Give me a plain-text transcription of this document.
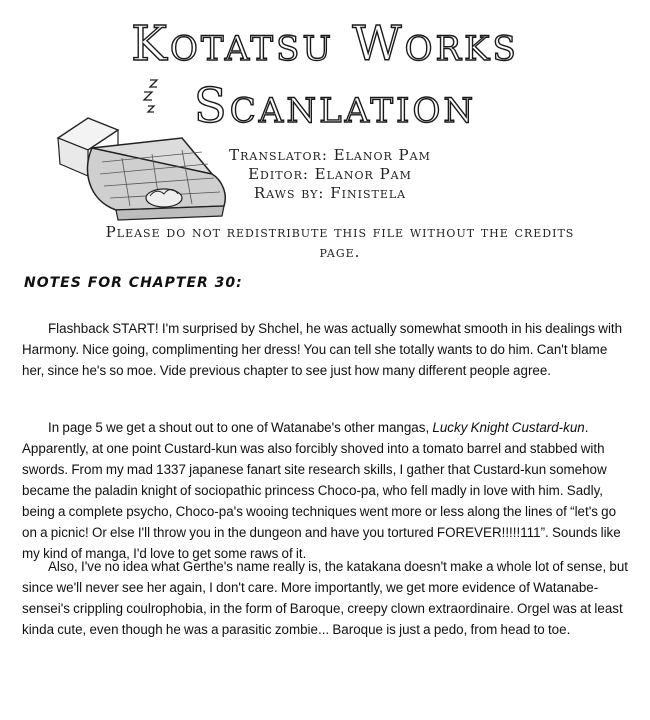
Kotatsu Works
Scanlation
Translator: Elanor Pam
Editor: Elanor Pam
Raws by: Finistela
Please do not redistribute this file without the credits page.
NOTES FOR CHAPTER 30:

Flashback START! I'm surprised by Shchel, he was actually somewhat smooth in his dealings with Harmony. Nice going, complimenting her dress! You can tell she totally wants to do him. Can't blame her, since he's so moe. Vide previous chapter to see just how many different people agree.

In page 5 we get a shout out to one of Watanabe's other mangas, Lucky Knight Custard-kun. Apparently, at one point Custard-kun was also forcibly shoved into a tomato barrel and stabbed with swords. From my mad 1337 japanese fanart site research skills, I gather that Custard-kun somehow became the paladin knight of sociopathic princess Choco-pa, who fell madly in love with him. Sadly, being a complete psycho, Choco-pa's wooing techniques went more or less along the lines of “let's go on a picnic! Or else I'll throw you in the dungeon and have you tortured FOREVER!!!!!111”. Sounds like my kind of manga, I'd love to get some raws of it.

Also, I've no idea what Gerthe's name really is, the katakana doesn't make a whole lot of sense, but since we'll never see her again, I don't care. More importantly, we get more evidence of Watanabe-sensei's crippling coulrophobia, in the form of Baroque, creepy clown extraordinaire. Orgel was at least kinda cute, even though he was a parasitic zombie... Baroque is just a pedo, from head to toe.
